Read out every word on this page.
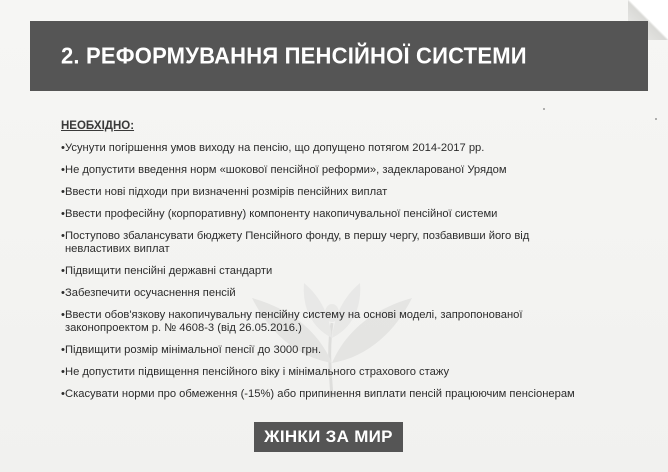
2. РЕФОРМУВАННЯ ПЕНСІЙНОЇ СИСТЕМИ
НЕОБХІДНО:
• Усунути погіршення умов виходу на пенсію, що допущено потягом 2014-2017 рр.
• Не допустити введення норм «шокової пенсійної реформи», задекларованої Урядом
• Ввести нові підходи при визначенні розмірів пенсійних виплат
• Ввести професійну (корпоративну) компоненту накопичувальної пенсійної системи
• Поступово збалансувати бюджету Пенсійного фонду, в першу чергу, позбавивши його від невластивих виплат
• Підвищити пенсійні державні стандарти
• Забезпечити осучаснення пенсій
• Ввести обов'язкову накопичувальну пенсійну систему на основі моделі, запропонованої законопроектом р. № 4608-3 (від 26.05.2016.)
• Підвищити розмір мінімальної пенсії до 3000 грн.
• Не допустити підвищення пенсійного віку і мінімального страхового стажу
• Скасувати норми про обмеження (-15%) або припинення виплати пенсій працюючим пенсіонерам
ЖІНКИ ЗА МИР
